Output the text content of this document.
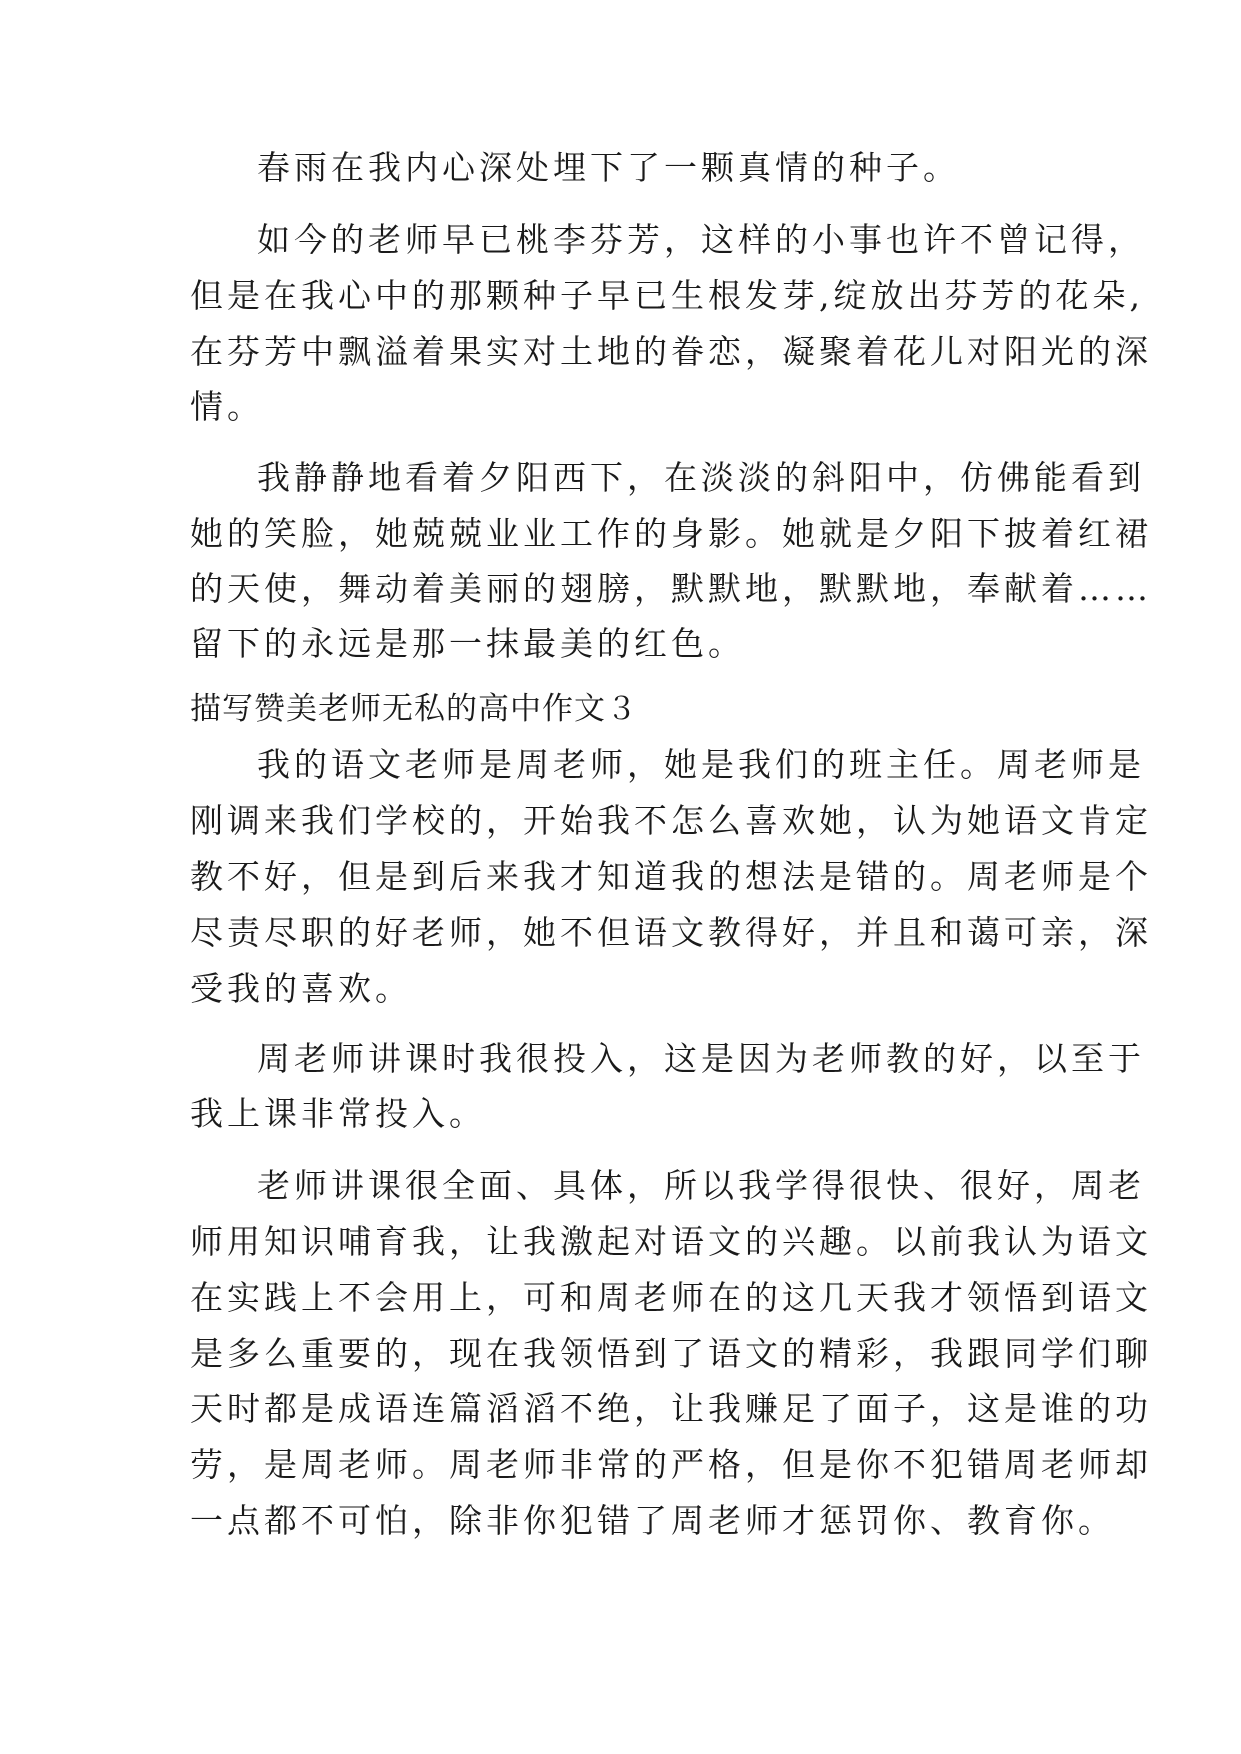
春雨在我内心深处埋下了一颗真情的种子。
如今的老师早已桃李芬芳，这样的小事也许不曾记得，
但是在我心中的那颗种子早已生根发芽,绽放出芬芳的花朵,
在芬芳中飘溢着果实对土地的眷恋，凝聚着花儿对阳光的深
情。
我静静地看着夕阳西下，在淡淡的斜阳中，仿佛能看到
她的笑脸，她兢兢业业工作的身影。她就是夕阳下披着红裙
的天使，舞动着美丽的翅膀，默默地，默默地，奉献着……
留下的永远是那一抹最美的红色。
描写赞美老师无私的高中作文３
我的语文老师是周老师，她是我们的班主任。周老师是
刚调来我们学校的，开始我不怎么喜欢她，认为她语文肯定
教不好，但是到后来我才知道我的想法是错的。周老师是个
尽责尽职的好老师，她不但语文教得好，并且和蔼可亲，深
受我的喜欢。
周老师讲课时我很投入，这是因为老师教的好，以至于
我上课非常投入。
老师讲课很全面、具体，所以我学得很快、很好，周老
师用知识哺育我，让我激起对语文的兴趣。以前我认为语文
在实践上不会用上，可和周老师在的这几天我才领悟到语文
是多么重要的，现在我领悟到了语文的精彩，我跟同学们聊
天时都是成语连篇滔滔不绝，让我赚足了面子，这是谁的功
劳，是周老师。周老师非常的严格，但是你不犯错周老师却
一点都不可怕，除非你犯错了周老师才惩罚你、教育你。
